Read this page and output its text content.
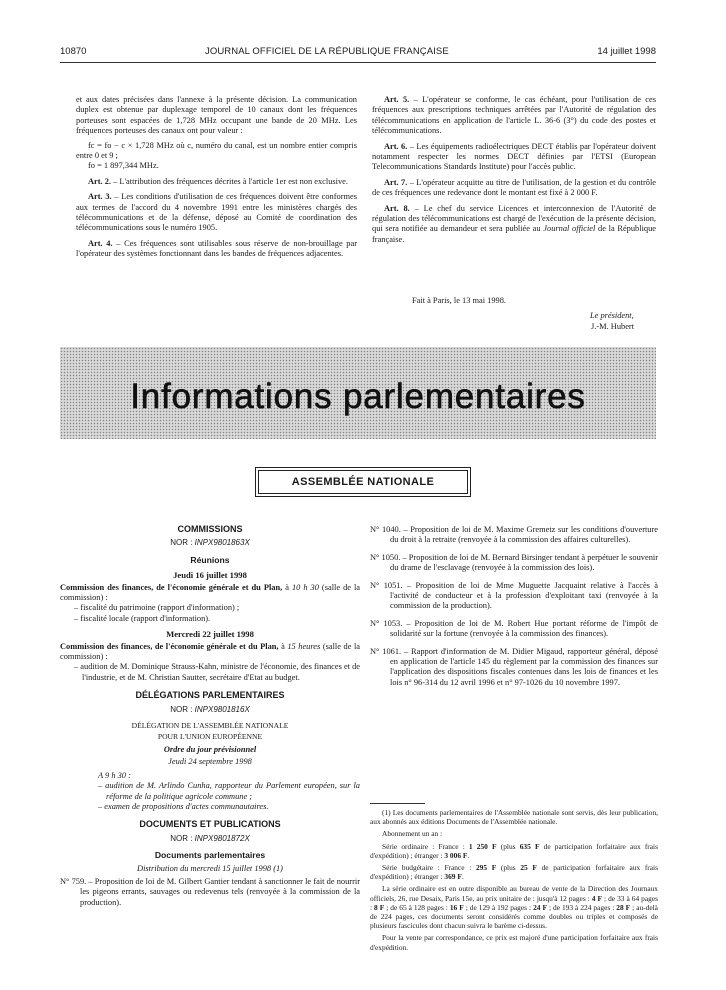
10870	JOURNAL OFFICIEL DE LA RÉPUBLIQUE FRANÇAISE	14 juillet 1998

et aux dates précisées dans l'annexe à la présente décision. La communication duplex est obtenue par duplexage temporel de 10 canaux dont les fréquences porteuses sont espacées de 1,728 MHz occupant une bande de 20 MHz. Les fréquences porteuses des canaux ont pour valeur :

fc = fo − c × 1,728 MHz où c, numéro du canal, est un nombre entier compris entre 0 et 9 ;

fo = 1 897,344 MHz.

Art. 2. – L'attribution des fréquences décrites à l'article 1er est non exclusive.

Art. 3. – Les conditions d'utilisation de ces fréquences doivent être conformes aux termes de l'accord du 4 novembre 1991 entre les ministères chargés des télécommunications et de la défense, déposé au Comité de coordination des télécommunications sous le numéro 1905.

Art. 4. – Ces fréquences sont utilisables sous réserve de non-brouillage par l'opérateur des systèmes fonctionnant dans les bandes de fréquences adjacentes.

Art. 5. – L'opérateur se conforme, le cas échéant, pour l'utilisation de ces fréquences aux prescriptions techniques arrêtées par l'Autorité de régulation des télécommunications en application de l'article L. 36-6 (3°) du code des postes et télécommunications.

Art. 6. – Les équipements radioélectriques DECT établis par l'opérateur doivent notamment respecter les normes DECT définies par l'ETSI (European Telecommunications Standards Institute) pour l'accès public.

Art. 7. – L'opérateur acquitte au titre de l'utilisation, de la gestion et du contrôle de ces fréquences une redevance dont le montant est fixé à 2 000 F.

Art. 8. – Le chef du service Licences et interconnexion de l'Autorité de régulation des télécommunications est chargé de l'exécution de la présente décision, qui sera notifiée au demandeur et sera publiée au Journal officiel de la République française.

Fait à Paris, le 13 mai 1998.
Le président,
J.-M. Hubert
Informations parlementaires
ASSEMBLÉE NATIONALE
COMMISSIONS
NOR : INPX9801863X
Réunions
Jeudi 16 juillet 1998

Commission des finances, de l'économie générale et du Plan, à 10 h 30 (salle de la commission) :

– fiscalité du patrimoine (rapport d'information) ;

– fiscalité locale (rapport d'information).

Mercredi 22 juillet 1998

Commission des finances, de l'économie générale et du Plan, à 15 heures (salle de la commission) :

– audition de M. Dominique Strauss-Kahn, ministre de l'économie, des finances et de l'industrie, et de M. Christian Sautter, secrétaire d'Etat au budget.

DÉLÉGATIONS PARLEMENTAIRES
NOR : INPX9801816X

DÉLÉGATION DE L'ASSEMBLÉE NATIONALE POUR L'UNION EUROPÉENNE

Ordre du jour prévisionnel
Jeudi 24 septembre 1998

A 9 h 30 :

– audition de M. Arlindo Cunha, rapporteur du Parlement européen, sur la réforme de la politique agricole commune ;

– examen de propositions d'actes communautaires.

DOCUMENTS ET PUBLICATIONS
NOR : INPX9801872X
Documents parlementaires
Distribution du mercredi 15 juillet 1998 (1)

N° 759. – Proposition de loi de M. Gilbert Gantier tendant à sanctionner le fait de nourrir les pigeons errants, sauvages ou redevenus tels (renvoyée à la commission de la production).

N° 1040. – Proposition de loi de M. Maxime Gremetz sur les conditions d'ouverture du droit à la retraite (renvoyée à la commission des affaires culturelles).

N° 1050. – Proposition de loi de M. Bernard Birsinger tendant à perpétuer le souvenir du drame de l'esclavage (renvoyée à la commission des lois).

N° 1051. – Proposition de loi de Mme Muguette Jacquaint relative à l'accès à l'activité de conducteur et à la profession d'exploitant taxi (renvoyée à la commission de la production).

N° 1053. – Proposition de loi de M. Robert Hue portant réforme de l'impôt de solidarité sur la fortune (renvoyée à la commission des finances).

N° 1061. – Rapport d'information de M. Didier Migaud, rapporteur général, déposé en application de l'article 145 du règlement par la commission des finances sur l'application des dispositions fiscales contenues dans les lois de finances et les lois n° 96-314 du 12 avril 1996 et n° 97-1026 du 10 novembre 1997.

(1) Les documents parlementaires de l'Assemblée nationale sont servis, dès leur publication, aux abonnés aux éditions Documents de l'Assemblée nationale.

Abonnement un an :

Série ordinaire : France : 1 250 F (plus 635 F de participation forfaitaire aux frais d'expédition) ; étranger : 3 006 F.

Série budgétaire : France : 295 F (plus 25 F de participation forfaitaire aux frais d'expédition) ; étranger : 369 F.

La série ordinaire est en outre disponible au bureau de vente de la Direction des Journaux officiels, 26, rue Desaix, Paris 15e, au prix unitaire de : jusqu'à 12 pages : 4 F ; de 33 à 64 pages : 8 F ; de 65 à 128 pages : 16 F ; de 129 à 192 pages : 24 F ; de 193 à 224 pages : 28 F ; au-delà de 224 pages, ces documents seront considérés comme doubles ou triples et composés de plusieurs fascicules dont chacun suivra le barème ci-dessus.

Pour la vente par correspondance, ce prix est majoré d'une participation forfaitaire aux frais d'expédition.
